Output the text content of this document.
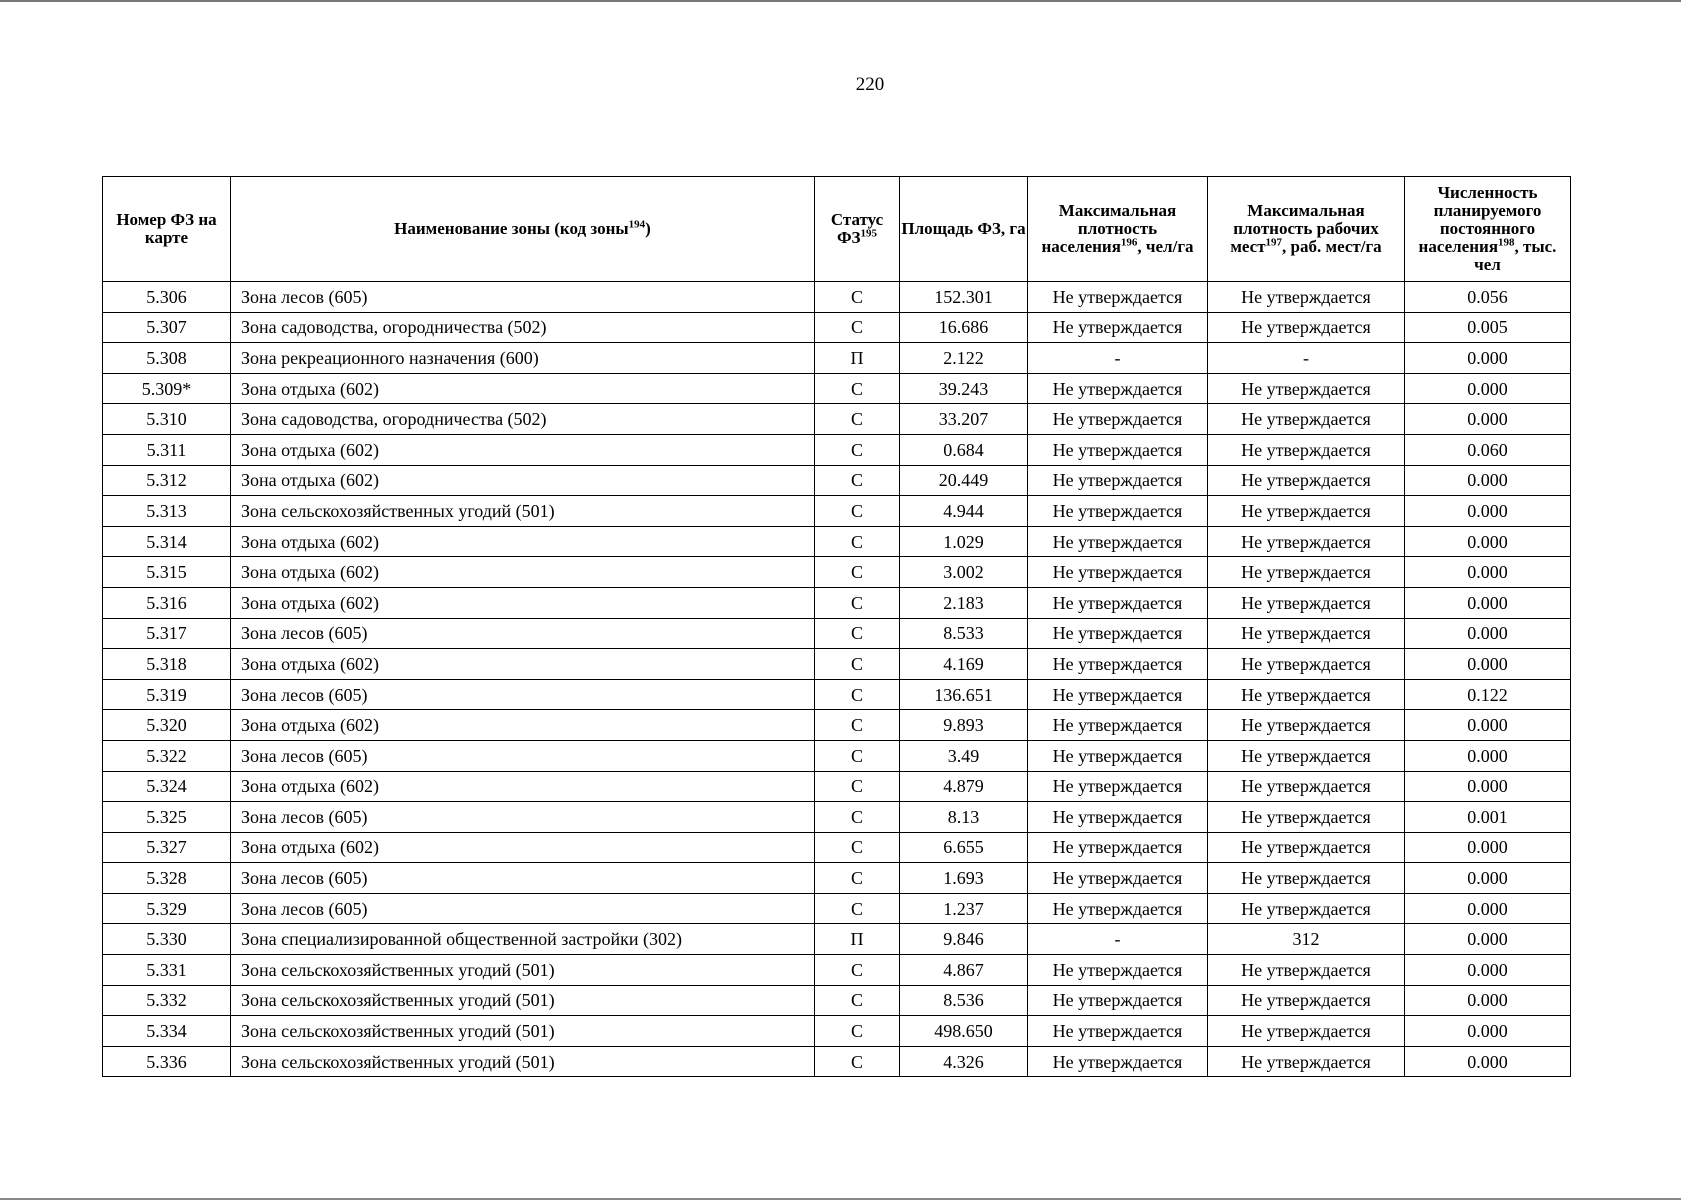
220
Номер ФЗ на карте	Наименование зоны (код зоны$^{194}$)	Статус ФЗ$^{195}$	Площадь ФЗ, га	Максимальная плотность населения$^{196}$, чел/га	Максимальная плотность рабочих мест$^{197}$, раб. мест/га	Численность планируемого постоянного населения$^{198}$, тыс. чел
5.306	Зона лесов (605)	С	152.301	Не утверждается	Не утверждается	0.056
5.307	Зона садоводства, огородничества (502)	С	16.686	Не утверждается	Не утверждается	0.005
5.308	Зона рекреационного назначения (600)	П	2.122	-	-	0.000
5.309*	Зона отдыха (602)	С	39.243	Не утверждается	Не утверждается	0.000
5.310	Зона садоводства, огородничества (502)	С	33.207	Не утверждается	Не утверждается	0.000
5.311	Зона отдыха (602)	С	0.684	Не утверждается	Не утверждается	0.060
5.312	Зона отдыха (602)	С	20.449	Не утверждается	Не утверждается	0.000
5.313	Зона сельскохозяйственных угодий (501)	С	4.944	Не утверждается	Не утверждается	0.000
5.314	Зона отдыха (602)	С	1.029	Не утверждается	Не утверждается	0.000
5.315	Зона отдыха (602)	С	3.002	Не утверждается	Не утверждается	0.000
5.316	Зона отдыха (602)	С	2.183	Не утверждается	Не утверждается	0.000
5.317	Зона лесов (605)	С	8.533	Не утверждается	Не утверждается	0.000
5.318	Зона отдыха (602)	С	4.169	Не утверждается	Не утверждается	0.000
5.319	Зона лесов (605)	С	136.651	Не утверждается	Не утверждается	0.122
5.320	Зона отдыха (602)	С	9.893	Не утверждается	Не утверждается	0.000
5.322	Зона лесов (605)	С	3.49	Не утверждается	Не утверждается	0.000
5.324	Зона отдыха (602)	С	4.879	Не утверждается	Не утверждается	0.000
5.325	Зона лесов (605)	С	8.13	Не утверждается	Не утверждается	0.001
5.327	Зона отдыха (602)	С	6.655	Не утверждается	Не утверждается	0.000
5.328	Зона лесов (605)	С	1.693	Не утверждается	Не утверждается	0.000
5.329	Зона лесов (605)	С	1.237	Не утверждается	Не утверждается	0.000
5.330	Зона специализированной общественной застройки (302)	П	9.846	-	312	0.000
5.331	Зона сельскохозяйственных угодий (501)	С	4.867	Не утверждается	Не утверждается	0.000
5.332	Зона сельскохозяйственных угодий (501)	С	8.536	Не утверждается	Не утверждается	0.000
5.334	Зона сельскохозяйственных угодий (501)	С	498.650	Не утверждается	Не утверждается	0.000
5.336	Зона сельскохозяйственных угодий (501)	С	4.326	Не утверждается	Не утверждается	0.000
